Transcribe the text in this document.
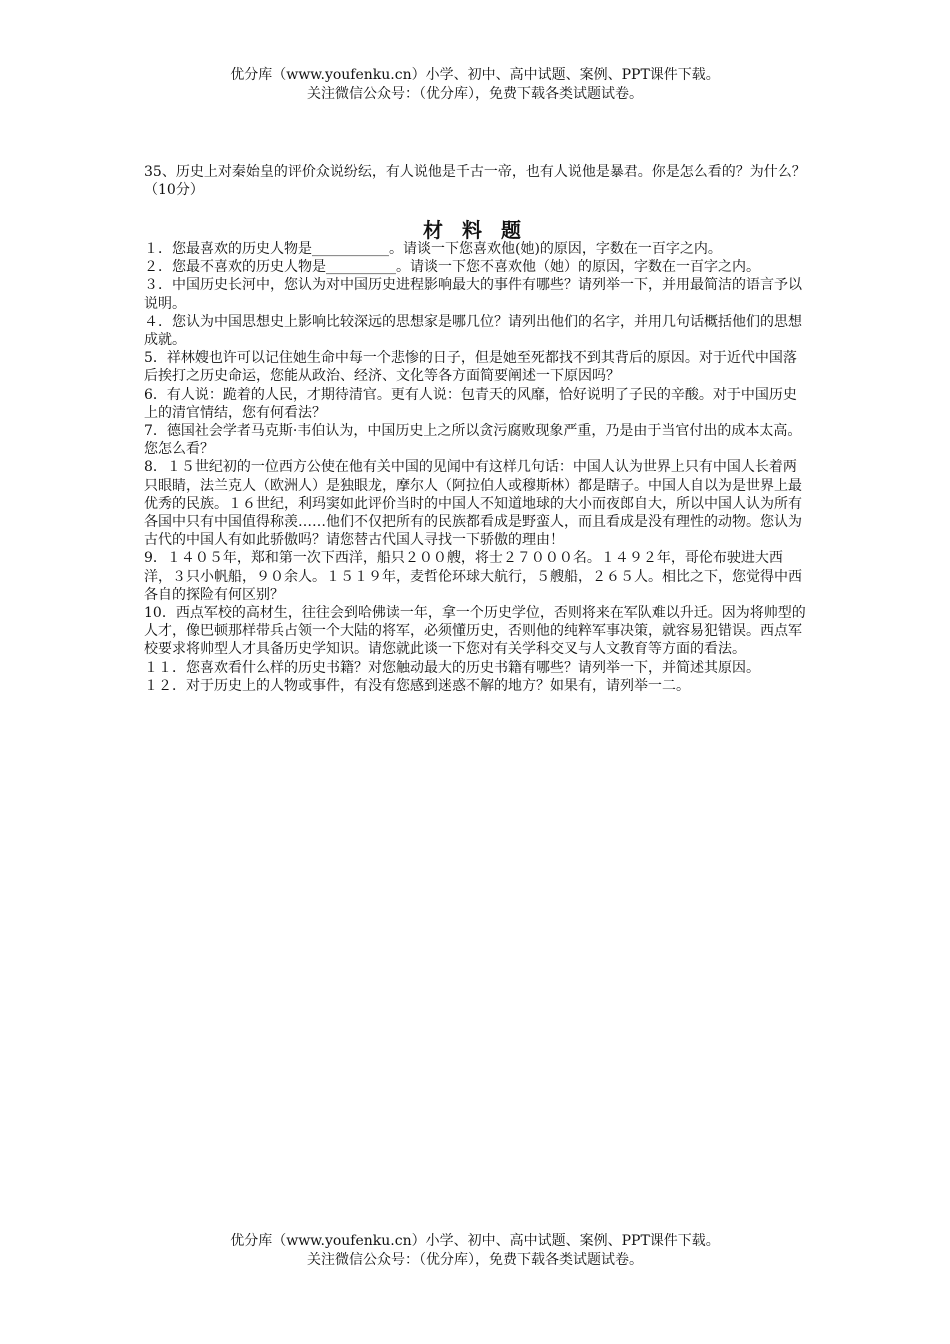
优分库（www.youfenku.cn）小学、初中、高中试题、案例、PPT课件下载。
关注微信公众号：（优分库），免费下载各类试题试卷。

35、历史上对秦始皇的评价众说纷纭，有人说他是千古一帝，也有人说他是暴君。你是怎么看的？为什么？（10分）

材 料 题

１．您最喜欢的历史人物是___________。请谈一下您喜欢他(她)的原因，字数在一百字之内。

２．您最不喜欢的历史人物是__________。请谈一下您不喜欢他（她）的原因，字数在一百字之内。

３．中国历史长河中，您认为对中国历史进程影响最大的事件有哪些？请列举一下，并用最简洁的语言予以说明。

４．您认为中国思想史上影响比较深远的思想家是哪几位？请列出他们的名字，并用几句话概括他们的思想成就。

5．祥林嫂也许可以记住她生命中每一个悲惨的日子，但是她至死都找不到其背后的原因。对于近代中国落后挨打之历史命运，您能从政治、经济、文化等各方面简要阐述一下原因吗？

6．有人说：跪着的人民，才期待清官。更有人说：包青天的风靡，恰好说明了子民的辛酸。对于中国历史上的清官情结，您有何看法？

7．德国社会学者马克斯·韦伯认为，中国历史上之所以贪污腐败现象严重，乃是由于当官付出的成本太高。您怎么看？

8．１５世纪初的一位西方公使在他有关中国的见闻中有这样几句话：中国人认为世界上只有中国人长着两只眼睛，法兰克人（欧洲人）是独眼龙，摩尔人（阿拉伯人或穆斯林）都是瞎子。中国人自以为是世界上最优秀的民族。１６世纪，利玛窦如此评价当时的中国人不知道地球的大小而夜郎自大，所以中国人认为所有各国中只有中国值得称羡……他们不仅把所有的民族都看成是野蛮人，而且看成是没有理性的动物。您认为古代的中国人有如此骄傲吗？请您替古代国人寻找一下骄傲的理由！

9．１４０５年，郑和第一次下西洋，船只２００艘，将士２７０００名。１４９２年，哥伦布驶进大西洋，３只小帆船，９０余人。１５１９年，麦哲伦环球大航行，５艘船，２６５人。相比之下，您觉得中西各自的探险有何区别？

10．西点军校的高材生，往往会到哈佛读一年，拿一个历史学位，否则将来在军队难以升迁。因为将帅型的人才，像巴顿那样带兵占领一个大陆的将军，必须懂历史，否则他的纯粹军事决策，就容易犯错误。西点军校要求将帅型人才具备历史学知识。请您就此谈一下您对有关学科交叉与人文教育等方面的看法。

１１．您喜欢看什么样的历史书籍？对您触动最大的历史书籍有哪些？请列举一下，并简述其原因。

１２．对于历史上的人物或事件，有没有您感到迷惑不解的地方？如果有，请列举一二。

优分库（www.youfenku.cn）小学、初中、高中试题、案例、PPT课件下载。
关注微信公众号：（优分库），免费下载各类试题试卷。
